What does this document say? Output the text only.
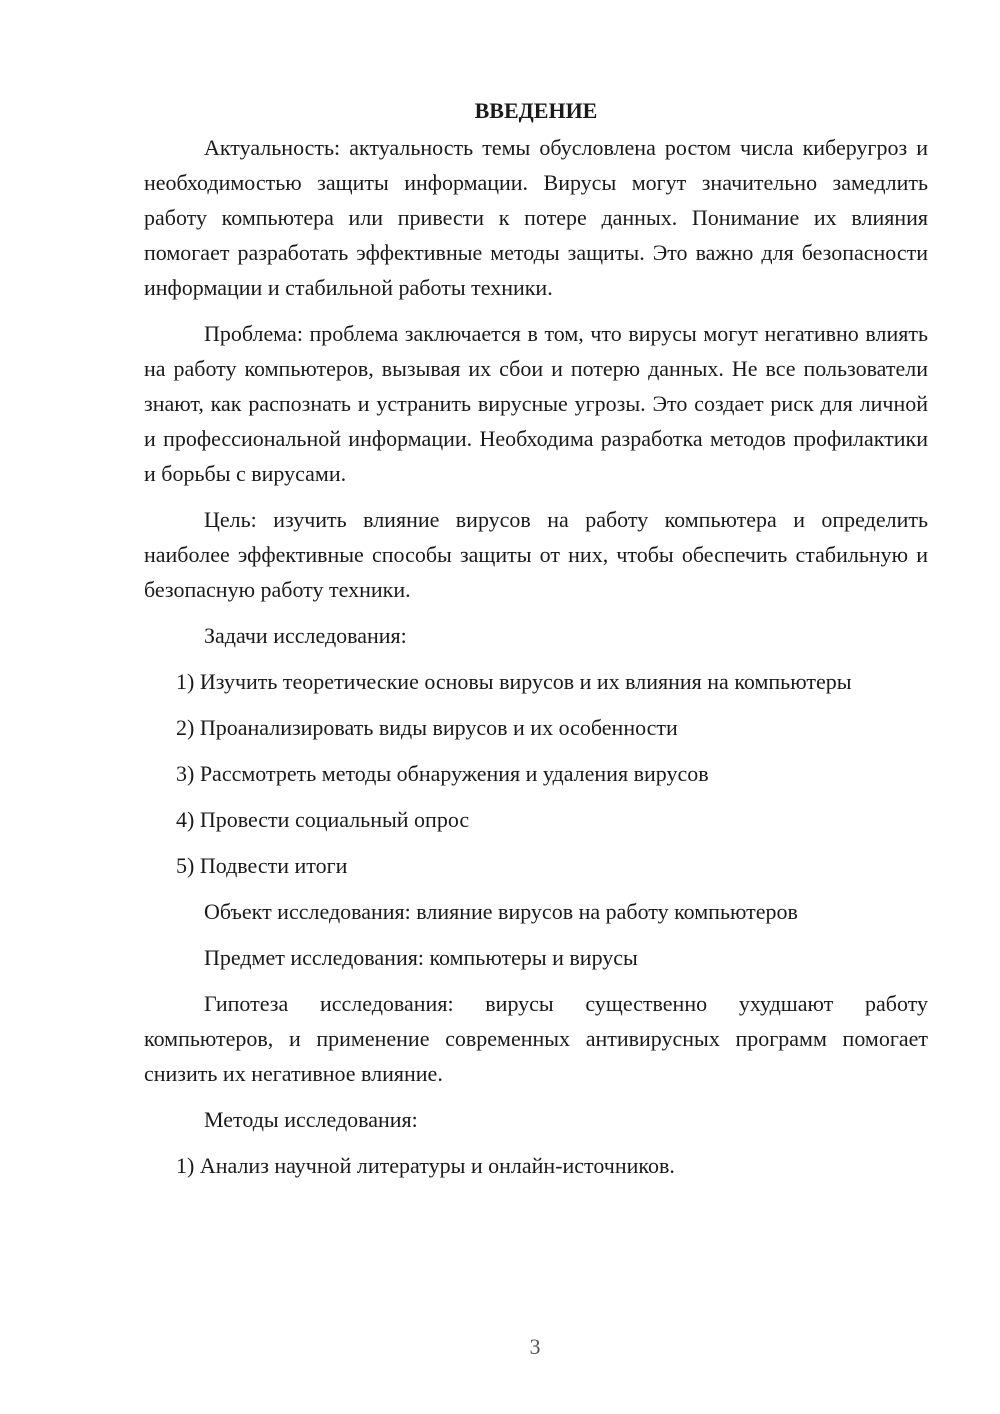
ВВЕДЕНИЕ

Актуальность: актуальность темы обусловлена ростом числа киберугроз и необходимостью защиты информации. Вирусы могут значительно замедлить работу компьютера или привести к потере данных. Понимание их влияния помогает разработать эффективные методы защиты. Это важно для безопасности информации и стабильной работы техники.

Проблема: проблема заключается в том, что вирусы могут негативно влиять на работу компьютеров, вызывая их сбои и потерю данных. Не все пользователи знают, как распознать и устранить вирусные угрозы. Это создает риск для личной и профессиональной информации. Необходима разработка методов профилактики и борьбы с вирусами.

Цель: изучить влияние вирусов на работу компьютера и определить наиболее эффективные способы защиты от них, чтобы обеспечить стабильную и безопасную работу техники.

Задачи исследования:

1) Изучить теоретические основы вирусов и их влияния на компьютеры

2) Проанализировать виды вирусов и их особенности

3) Рассмотреть методы обнаружения и удаления вирусов

4) Провести социальный опрос

5) Подвести итоги

Объект исследования: влияние вирусов на работу компьютеров

Предмет исследования: компьютеры и вирусы

Гипотеза исследования: вирусы существенно ухудшают работу компьютеров, и применение современных антивирусных программ помогает снизить их негативное влияние.

Методы исследования:

1) Анализ научной литературы и онлайн-источников.

3
